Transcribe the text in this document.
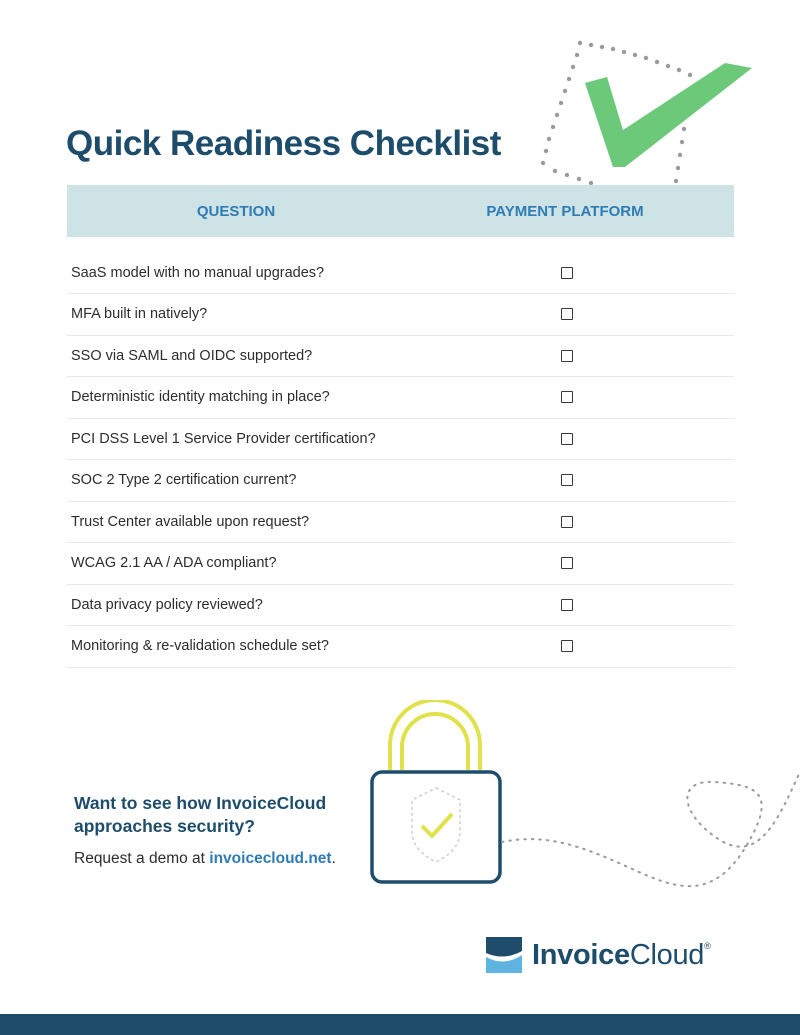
Quick Readiness Checklist
QUESTION	PAYMENT PLATFORM
SaaS model with no manual upgrades?
MFA built in natively?
SSO via SAML and OIDC supported?
Deterministic identity matching in place?
PCI DSS Level 1 Service Provider certification?
SOC 2 Type 2 certification current?
Trust Center available upon request?
WCAG 2.1 AA / ADA compliant?
Data privacy policy reviewed?
Monitoring & re-validation schedule set?

Want to see how InvoiceCloud
approaches security?

Request a demo at invoicecloud.net.
InvoiceCloud®
